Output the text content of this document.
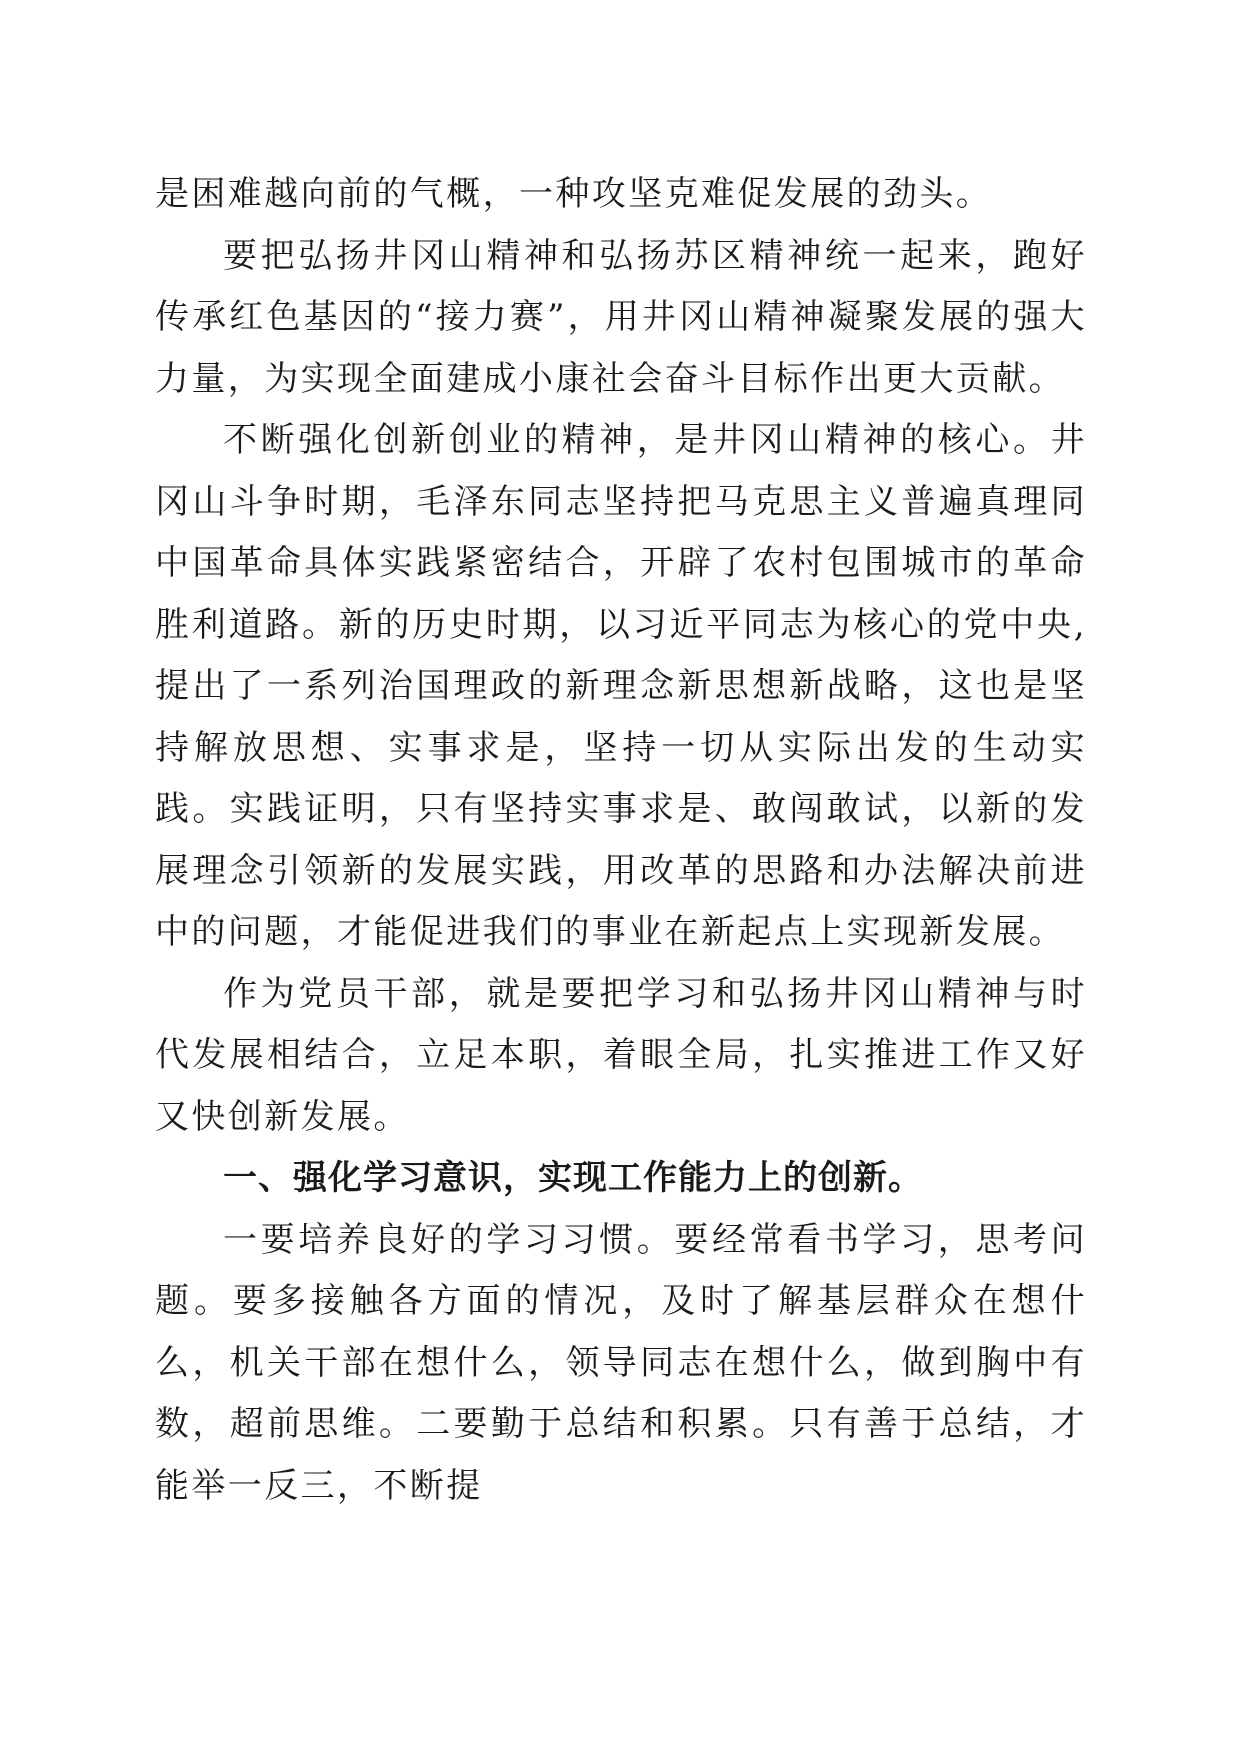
是困难越向前的气概，一种攻坚克难促发展的劲头。

要把弘扬井冈山精神和弘扬苏区精神统一起来，跑好传承红色基因的“接力赛”，用井冈山精神凝聚发展的强大力量，为实现全面建成小康社会奋斗目标作出更大贡献。

不断强化创新创业的精神，是井冈山精神的核心。井冈山斗争时期，毛泽东同志坚持把马克思主义普遍真理同中国革命具体实践紧密结合，开辟了农村包围城市的革命胜利道路。新的历史时期，以习近平同志为核心的党中央,提出了一系列治国理政的新理念新思想新战略，这也是坚持解放思想、实事求是，坚持一切从实际出发的生动实践。实践证明，只有坚持实事求是、敢闯敢试，以新的发展理念引领新的发展实践，用改革的思路和办法解决前进中的问题，才能促进我们的事业在新起点上实现新发展。

作为党员干部，就是要把学习和弘扬井冈山精神与时代发展相结合，立足本职，着眼全局，扎实推进工作又好又快创新发展。

一、强化学习意识，实现工作能力上的创新。

一要培养良好的学习习惯。要经常看书学习，思考问题。要多接触各方面的情况，及时了解基层群众在想什么，机关干部在想什么，领导同志在想什么，做到胸中有数，超前思维。二要勤于总结和积累。只有善于总结，才能举一反三，不断提
